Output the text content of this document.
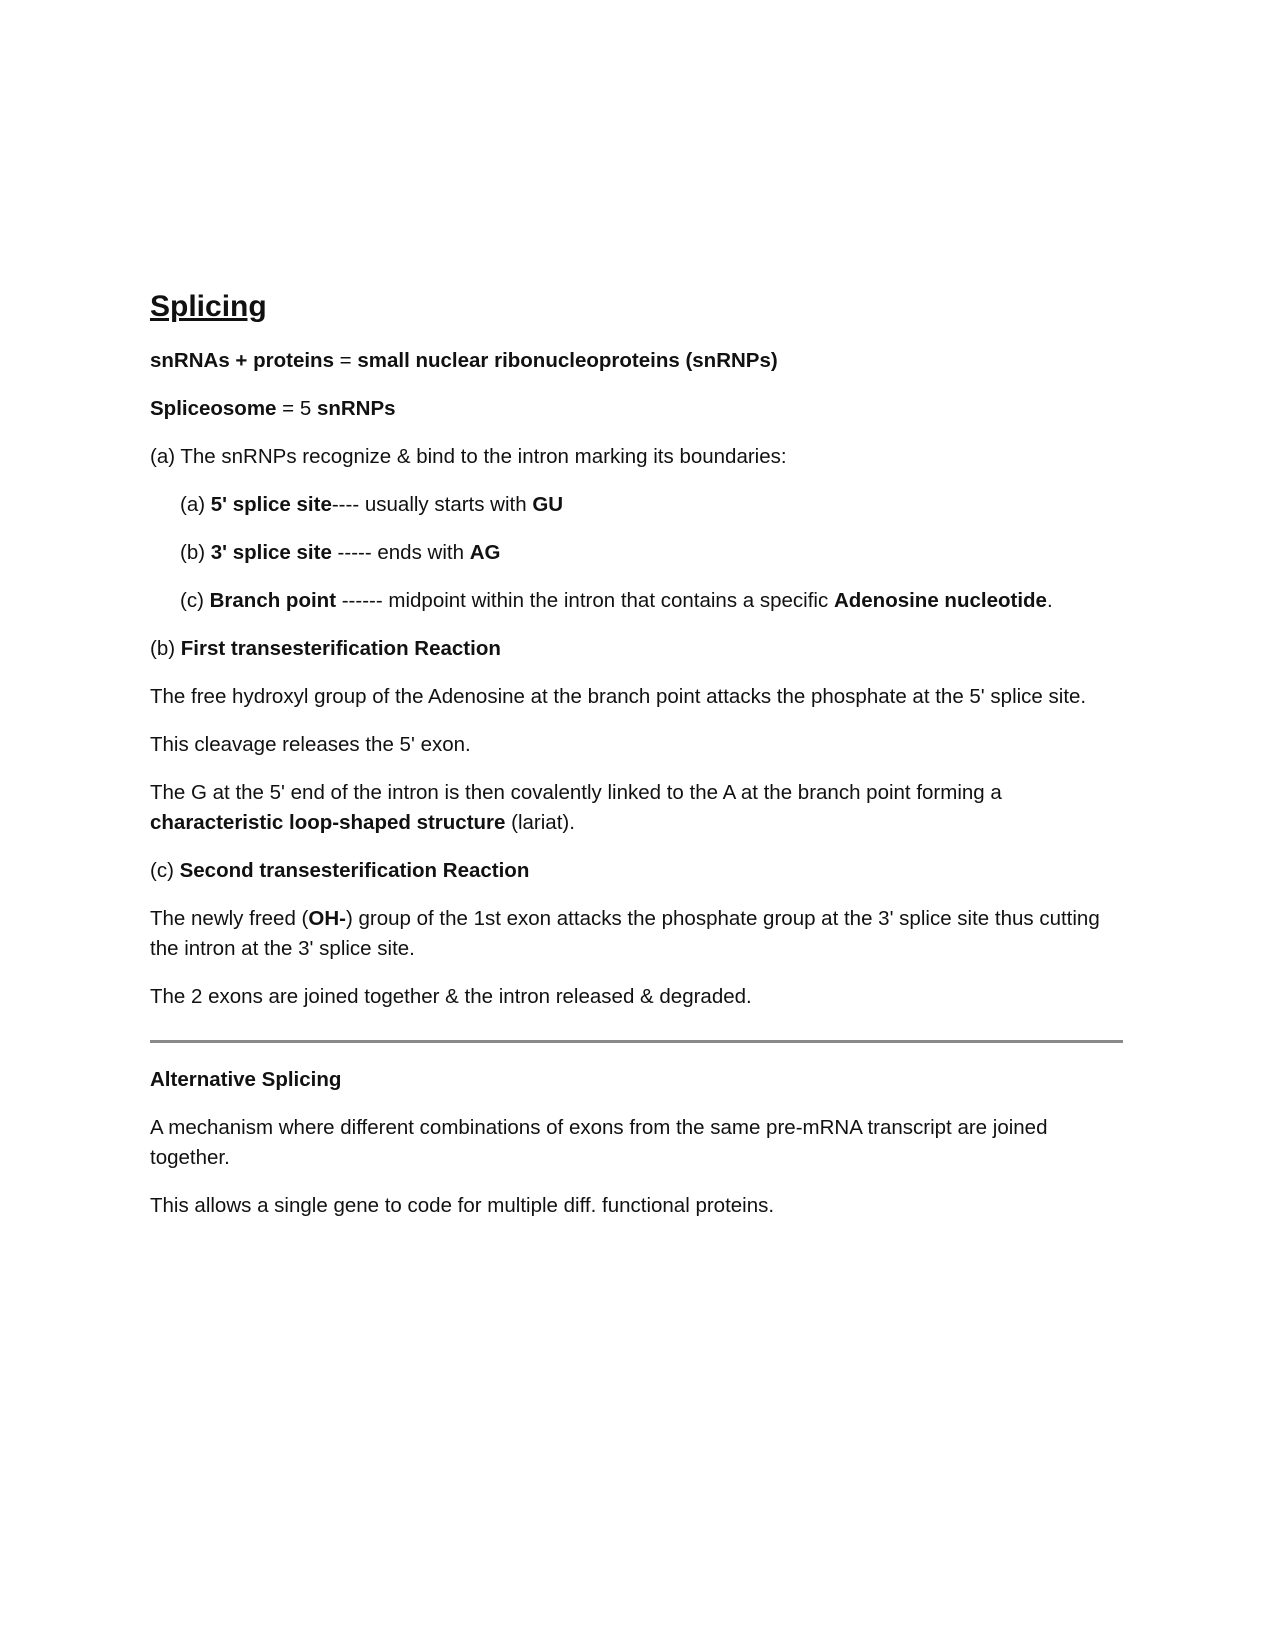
Splicing

snRNAs + proteins = small nuclear ribonucleoproteins (snRNPs)

Spliceosome = 5 snRNPs

(a) The snRNPs recognize & bind to the intron marking its boundaries:

(a) 5' splice site---- usually starts with GU

(b) 3' splice site ----- ends with AG

(c) Branch point ------ midpoint within the intron that contains a specific Adenosine nucleotide.

(b) First transesterification Reaction

The free hydroxyl group of the Adenosine at the branch point attacks the phosphate at the 5' splice site.

This cleavage releases the 5' exon.

The G at the 5' end of the intron is then covalently linked to the A at the branch point forming a characteristic loop-shaped structure (lariat).

(c) Second transesterification Reaction

The newly freed (OH-) group of the 1st exon attacks the phosphate group at the 3' splice site thus cutting the intron at the 3' splice site.

The 2 exons are joined together & the intron released & degraded.

Alternative Splicing

A mechanism where different combinations of exons from the same pre-mRNA transcript are joined together.

This allows a single gene to code for multiple diff. functional proteins.
